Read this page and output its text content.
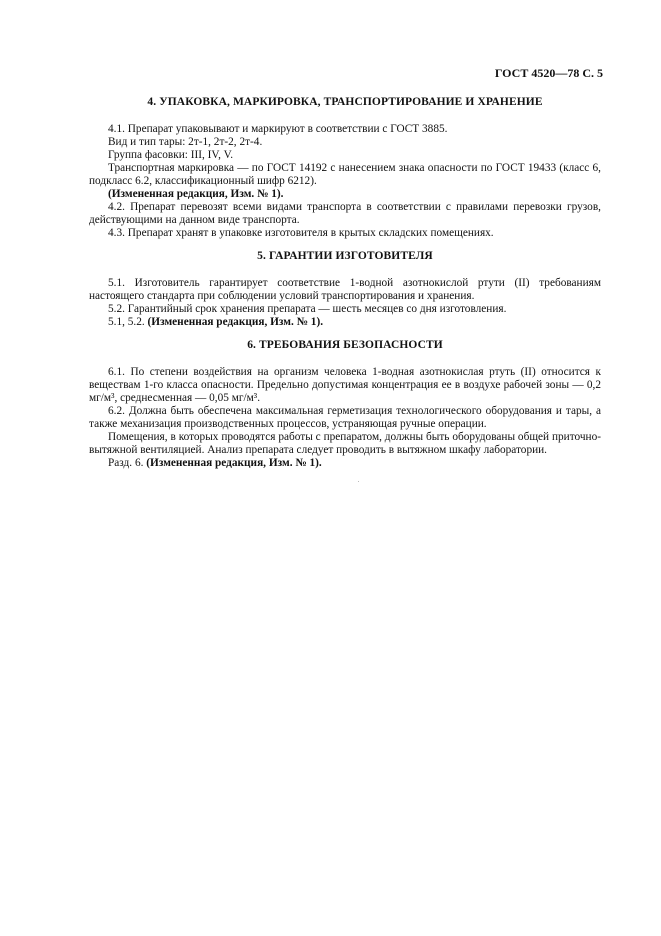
ГОСТ 4520—78 С. 5
4. УПАКОВКА, МАРКИРОВКА, ТРАНСПОРТИРОВАНИЕ И ХРАНЕНИЕ

4.1. Препарат упаковывают и маркируют в соответствии с ГОСТ 3885.

Вид и тип тары: 2т-1, 2т-2, 2т-4.

Группа фасовки: III, IV, V.

Транспортная маркировка — по ГОСТ 14192 с нанесением знака опасности по ГОСТ 19433 (класс 6, подкласс 6.2, классификационный шифр 6212).

(Измененная редакция, Изм. № 1).

4.2. Препарат перевозят всеми видами транспорта в соответствии с правилами перевозки грузов, действующими на данном виде транспорта.

4.3. Препарат хранят в упаковке изготовителя в крытых складских помещениях.

5. ГАРАНТИИ ИЗГОТОВИТЕЛЯ

5.1. Изготовитель гарантирует соответствие 1-водной азотнокислой ртути (II) требованиям настоящего стандарта при соблюдении условий транспортирования и хранения.

5.2. Гарантийный срок хранения препарата — шесть месяцев со дня изготовления.

5.1, 5.2. (Измененная редакция, Изм. № 1).

6. ТРЕБОВАНИЯ БЕЗОПАСНОСТИ

6.1. По степени воздействия на организм человека 1-водная азотнокислая ртуть (II) относится к веществам 1-го класса опасности. Предельно допустимая концентрация ее в воздухе рабочей зоны — 0,2 мг/м³, среднесменная — 0,05 мг/м³.

6.2. Должна быть обеспечена максимальная герметизация технологического оборудования и тары, а также механизация производственных процессов, устраняющая ручные операции.

Помещения, в которых проводятся работы с препаратом, должны быть оборудованы общей приточно-вытяжной вентиляцией. Анализ препарата следует проводить в вытяжном шкафу лаборатории.

Разд. 6. (Измененная редакция, Изм. № 1).
